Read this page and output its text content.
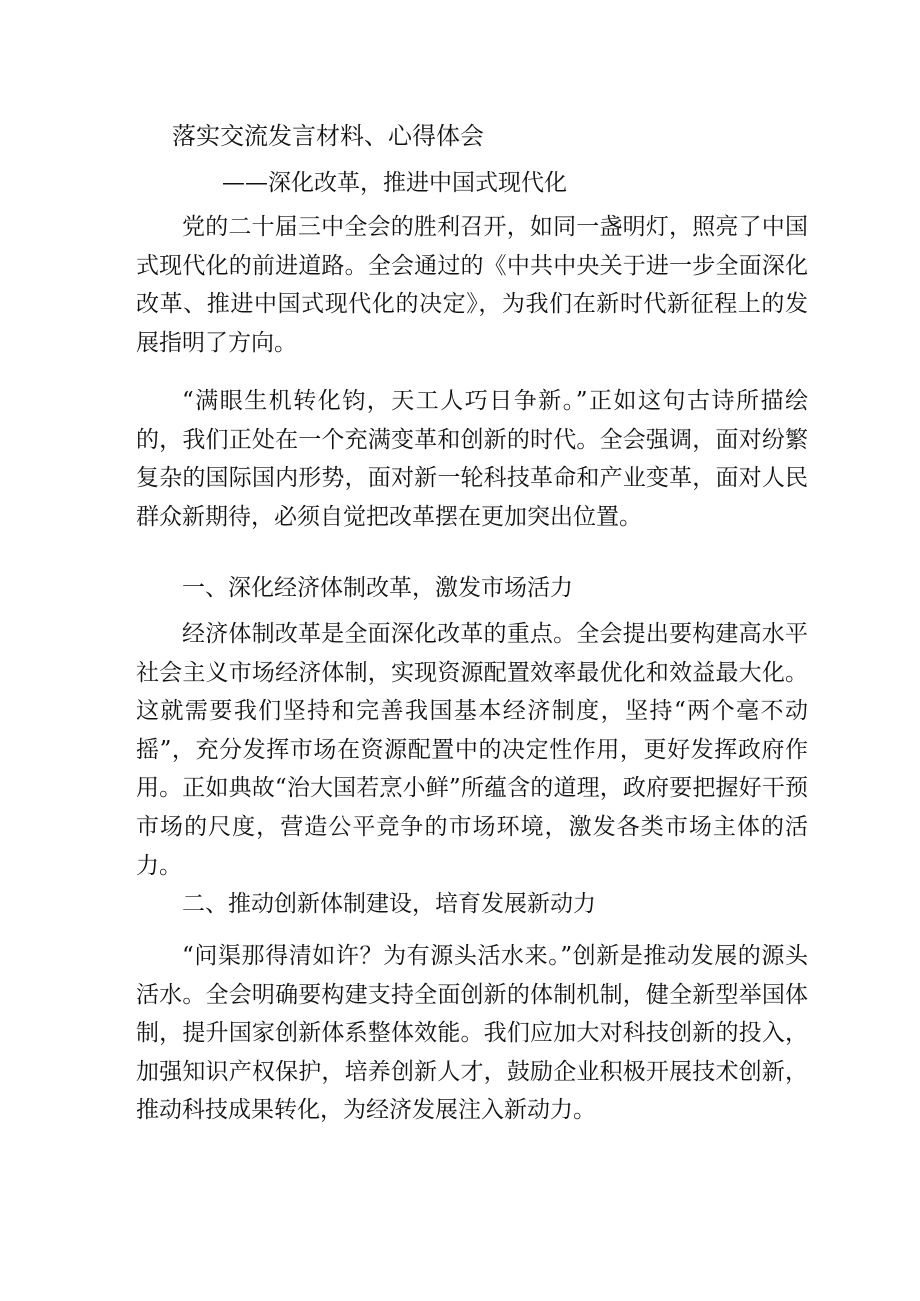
落实交流发言材料、心得体会
——深化改革，推进中国式现代化

党的二十届三中全会的胜利召开，如同一盏明灯，照亮了中国式现代化的前进道路。全会通过的《中共中央关于进一步全面深化改革、推进中国式现代化的决定》，为我们在新时代新征程上的发展指明了方向。

“满眼生机转化钧，天工人巧日争新。”正如这句古诗所描绘的，我们正处在一个充满变革和创新的时代。全会强调，面对纷繁复杂的国际国内形势，面对新一轮科技革命和产业变革，面对人民群众新期待，必须自觉把改革摆在更加突出位置。

一、深化经济体制改革，激发市场活力

经济体制改革是全面深化改革的重点。全会提出要构建高水平社会主义市场经济体制，实现资源配置效率最优化和效益最大化。这就需要我们坚持和完善我国基本经济制度，坚持“两个毫不动摇”，充分发挥市场在资源配置中的决定性作用，更好发挥政府作用。正如典故“治大国若烹小鲜”所蕴含的道理，政府要把握好干预市场的尺度，营造公平竞争的市场环境，激发各类市场主体的活力。

二、推动创新体制建设，培育发展新动力

“问渠那得清如许？为有源头活水来。”创新是推动发展的源头活水。全会明确要构建支持全面创新的体制机制，健全新型举国体制，提升国家创新体系整体效能。我们应加大对科技创新的投入，加强知识产权保护，培养创新人才，鼓励企业积极开展技术创新，推动科技成果转化，为经济发展注入新动力。
